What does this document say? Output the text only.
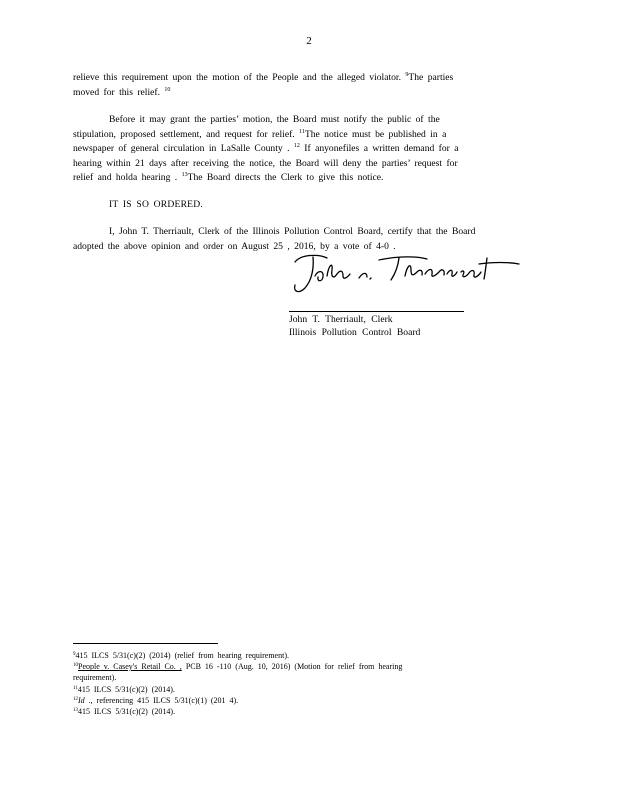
2
relieve this requirement upon the motion of the People and the alleged violator. $^9$The parties
moved for this relief. $^{10}$
Before it may grant the parties’ motion, the Board must notify the public of the
stipulation, proposed settlement, and request for relief. $^{11}$The notice must be published in a
newspaper of general circulation in LaSalle County . $^{12}$ If anyonefiles a written demand for a
hearing within 21 days after receiving the notice, the Board will deny the parties’ request for
relief and holda hearing . $^{13}$The Board directs the Clerk to give this notice.
IT IS SO ORDERED.
I, John T. Therriault, Clerk of the Illinois Pollution Control Board, certify that the Board
adopted the above opinion and order on August 25 , 2016, by a vote of 4-0 .
John T. Therriault, Clerk
Illinois Pollution Control Board
$^9$415 ILCS 5/31(c)(2) (2014) (relief from hearing requirement).
$^{10}$People v. Casey's Retail Co. , PCB 16 -110 (Aug. 10, 2016) (Motion for relief from hearing
requirement).
$^{11}$415 ILCS 5/31(c)(2) (2014).
$^{12}$Id ., referencing 415 ILCS 5/31(c)(1) (201 4).
$^{13}$415 ILCS 5/31(c)(2) (2014).
